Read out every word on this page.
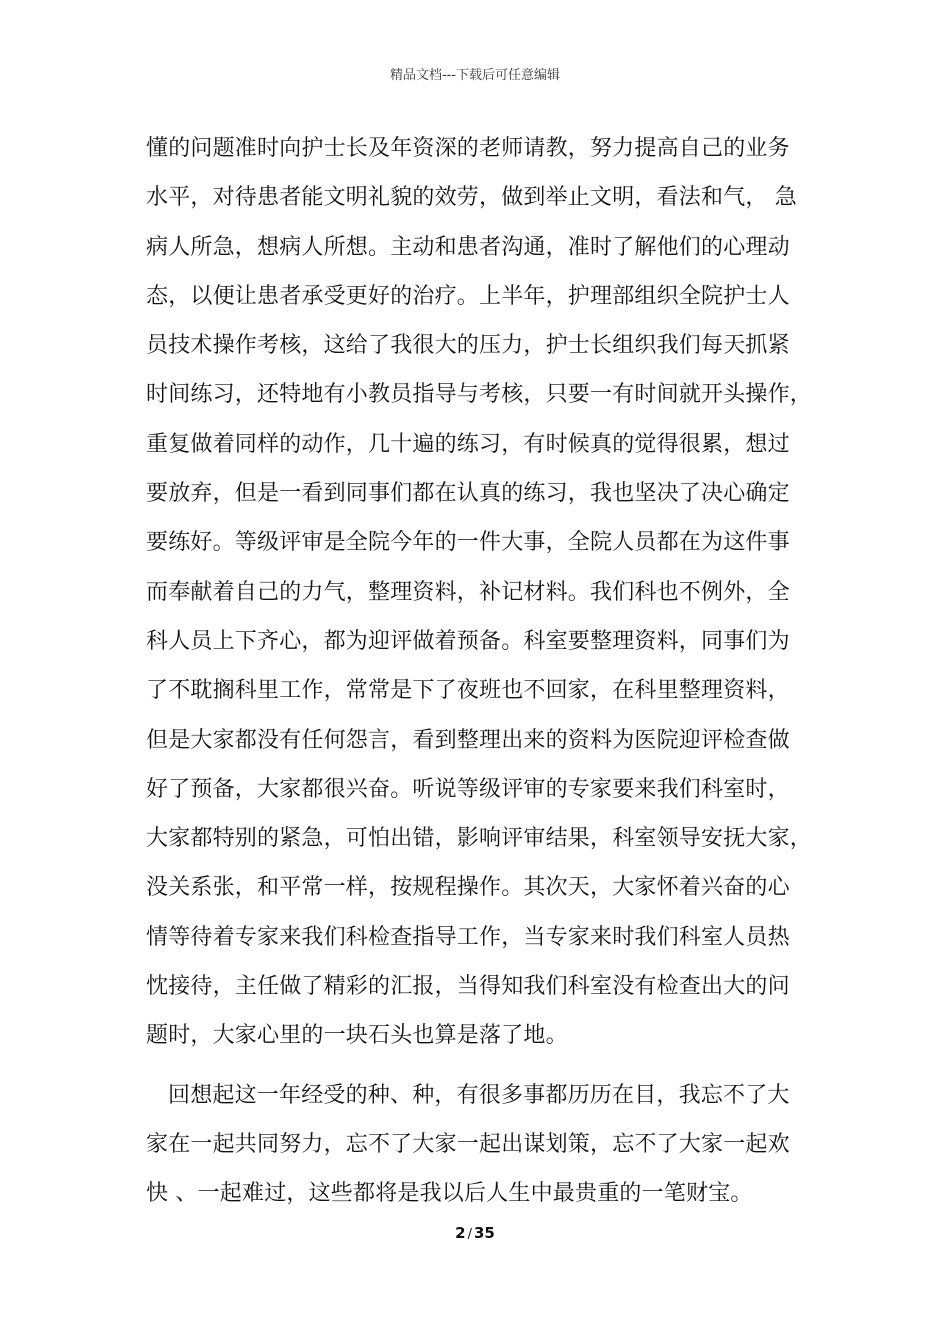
精品文档---下载后可任意编辑
懂的问题准时向护士长及年资深的老师请教，努力提高自己的业务
水平，对待患者能文明礼貌的效劳，做到举止文明，看法和气， 急
病人所急，想病人所想。主动和患者沟通，准时了解他们的心理动
态，以便让患者承受更好的治疗。上半年，护理部组织全院护士人
员技术操作考核，这给了我很大的压力，护士长组织我们每天抓紧
时间练习，还特地有小教员指导与考核，只要一有时间就开头操作，
重复做着同样的动作，几十遍的练习，有时候真的觉得很累，想过
要放弃，但是一看到同事们都在认真的练习，我也坚决了决心确定
要练好。等级评审是全院今年的一件大事，全院人员都在为这件事
而奉献着自己的力气，整理资料，补记材料。我们科也不例外，全
科人员上下齐心，都为迎评做着预备。科室要整理资料，同事们为
了不耽搁科里工作，常常是下了夜班也不回家，在科里整理资料，
但是大家都没有任何怨言，看到整理出来的资料为医院迎评检查做
好了预备，大家都很兴奋。听说等级评审的专家要来我们科室时，
大家都特别的紧急，可怕出错，影响评审结果，科室领导安抚大家，
没关系张，和平常一样，按规程操作。其次天，大家怀着兴奋的心
情等待着专家来我们科检查指导工作，当专家来时我们科室人员热
忱接待，主任做了精彩的汇报，当得知我们科室没有检查出大的问
题时，大家心里的一块石头也算是落了地。
回想起这一年经受的种、种，有很多事都历历在目，我忘不了大
家在一起共同努力，忘不了大家一起出谋划策，忘不了大家一起欢
快 、一起难过，这些都将是我以后人生中最贵重的一笔财宝。
2 / 35
